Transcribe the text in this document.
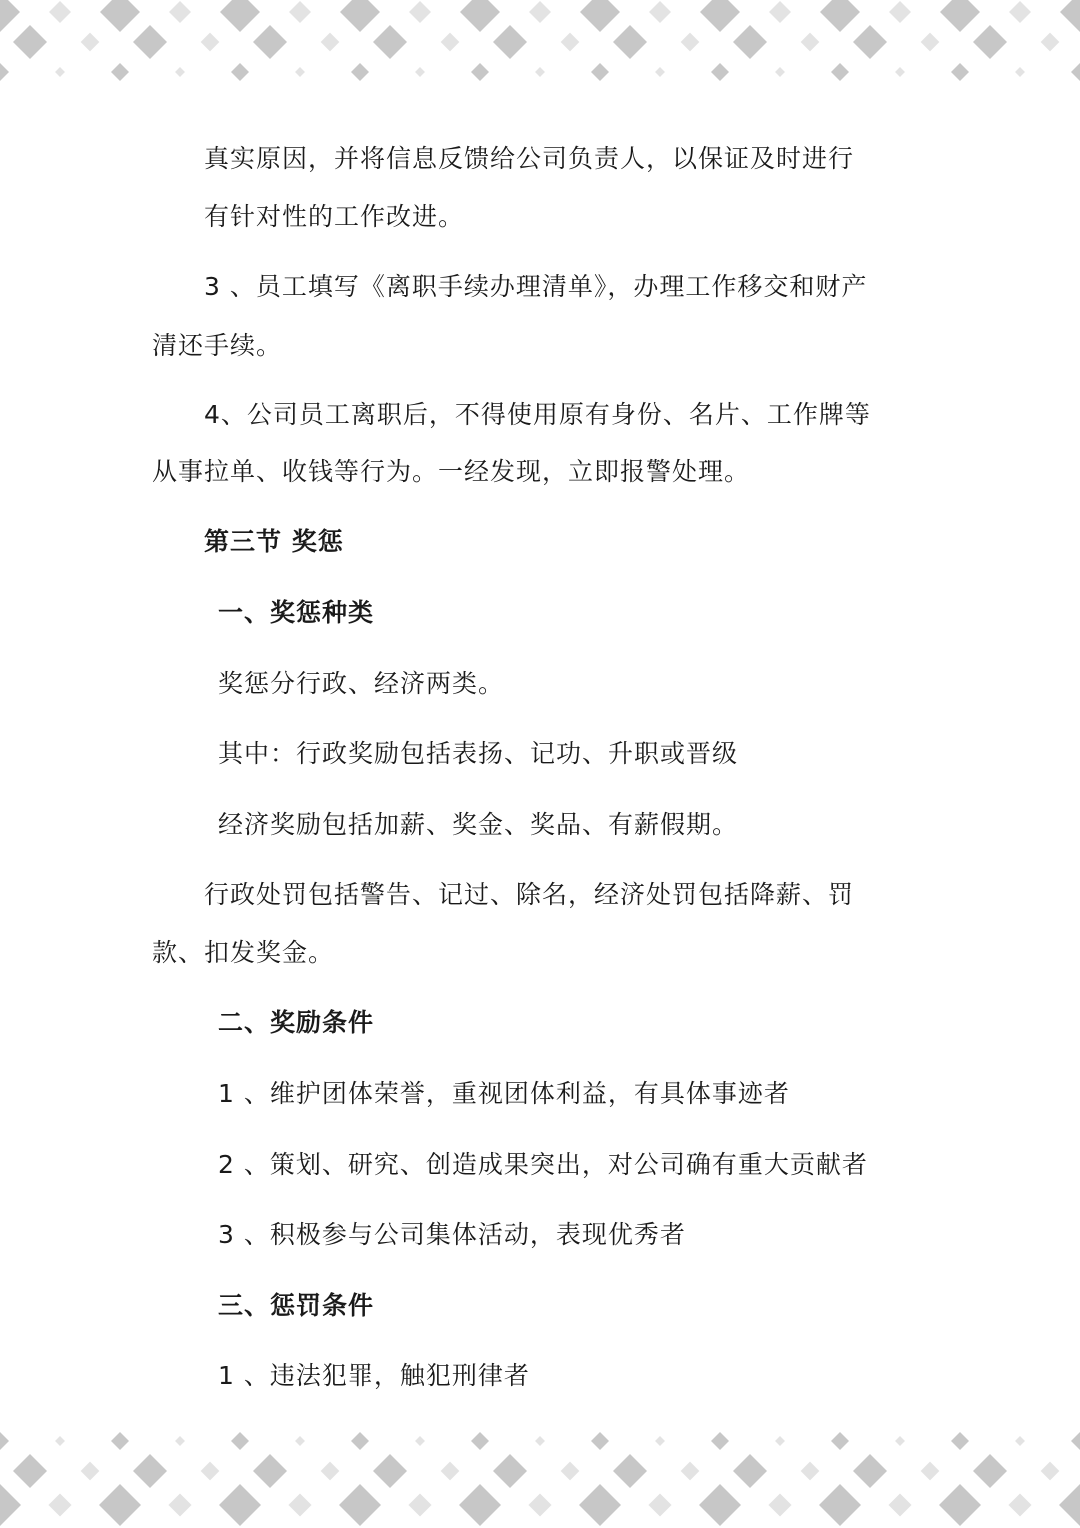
真实原因，并将信息反馈给公司负责人，以保证及时进行

有针对性的工作改进。

3 、员工填写《离职手续办理清单》，办理工作移交和财产

清还手续。

4、公司员工离职后，不得使用原有身份、名片、工作牌等

从事拉单、收钱等行为。一经发现，立即报警处理。

第三节 奖惩

一、奖惩种类

奖惩分行政、经济两类。

其中：行政奖励包括表扬、记功、升职或晋级

经济奖励包括加薪、奖金、奖品、有薪假期。

行政处罚包括警告、记过、除名，经济处罚包括降薪、罚

款、扣发奖金。

二、奖励条件

1 、维护团体荣誉，重视团体利益，有具体事迹者

2 、策划、研究、创造成果突出，对公司确有重大贡献者

3 、积极参与公司集体活动，表现优秀者

三、惩罚条件

1 、违法犯罪，触犯刑律者
